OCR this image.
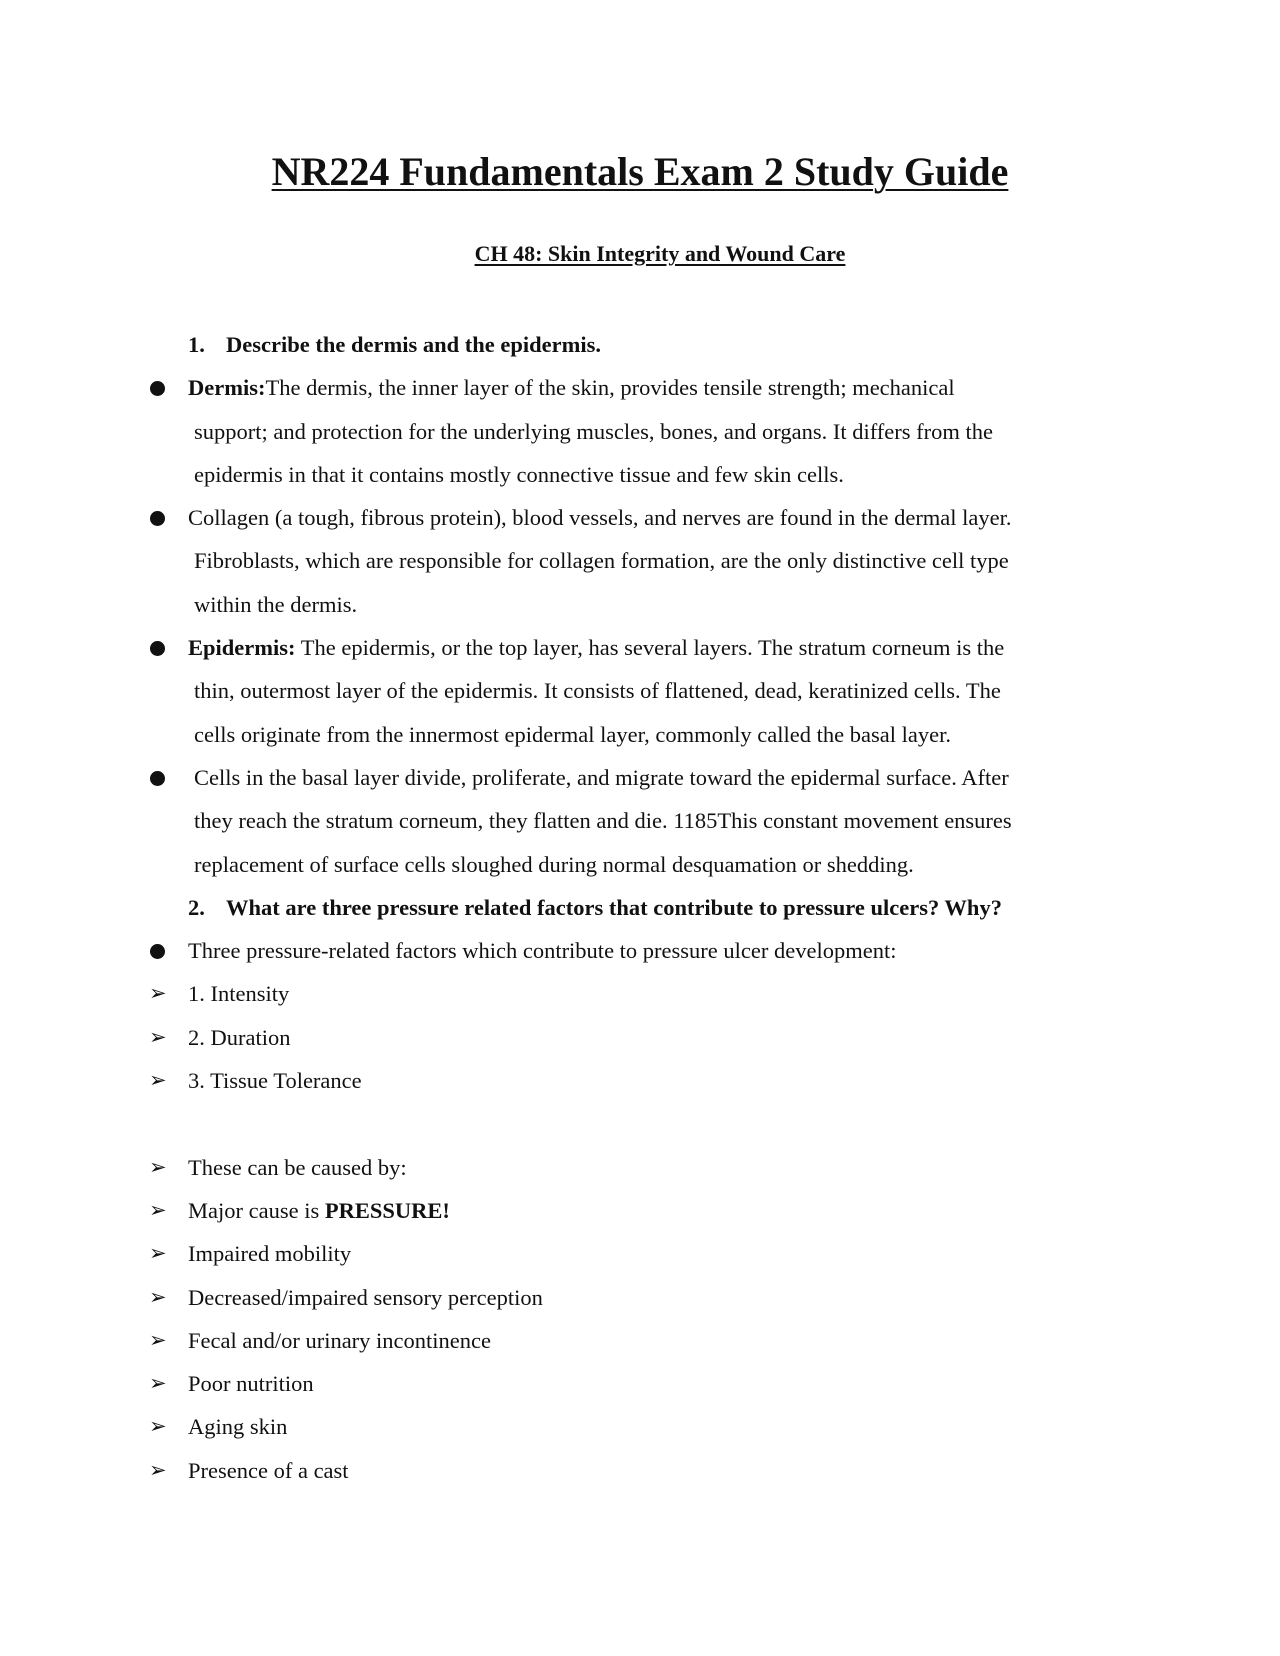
NR224 Fundamentals Exam 2 Study Guide
CH 48: Skin Integrity and Wound Care
1. Describe the dermis and the epidermis.
Dermis:The dermis, the inner layer of the skin, provides tensile strength; mechanical
support; and protection for the underlying muscles, bones, and organs. It differs from the
epidermis in that it contains mostly connective tissue and few skin cells.
Collagen (a tough, fibrous protein), blood vessels, and nerves are found in the dermal layer.
Fibroblasts, which are responsible for collagen formation, are the only distinctive cell type
within the dermis.
Epidermis: The epidermis, or the top layer, has several layers. The stratum corneum is the
thin, outermost layer of the epidermis. It consists of flattened, dead, keratinized cells. The
cells originate from the innermost epidermal layer, commonly called the basal layer.
Cells in the basal layer divide, proliferate, and migrate toward the epidermal surface. After
they reach the stratum corneum, they flatten and die. 1185This constant movement ensures
replacement of surface cells sloughed during normal desquamation or shedding.
2. What are three pressure related factors that contribute to pressure ulcers? Why?
Three pressure-related factors which contribute to pressure ulcer development:
➢ 1. Intensity
➢ 2. Duration
➢ 3. Tissue Tolerance
➢ These can be caused by:
➢ Major cause is PRESSURE!
➢ Impaired mobility
➢ Decreased/impaired sensory perception
➢ Fecal and/or urinary incontinence
➢ Poor nutrition
➢ Aging skin
➢ Presence of a cast
